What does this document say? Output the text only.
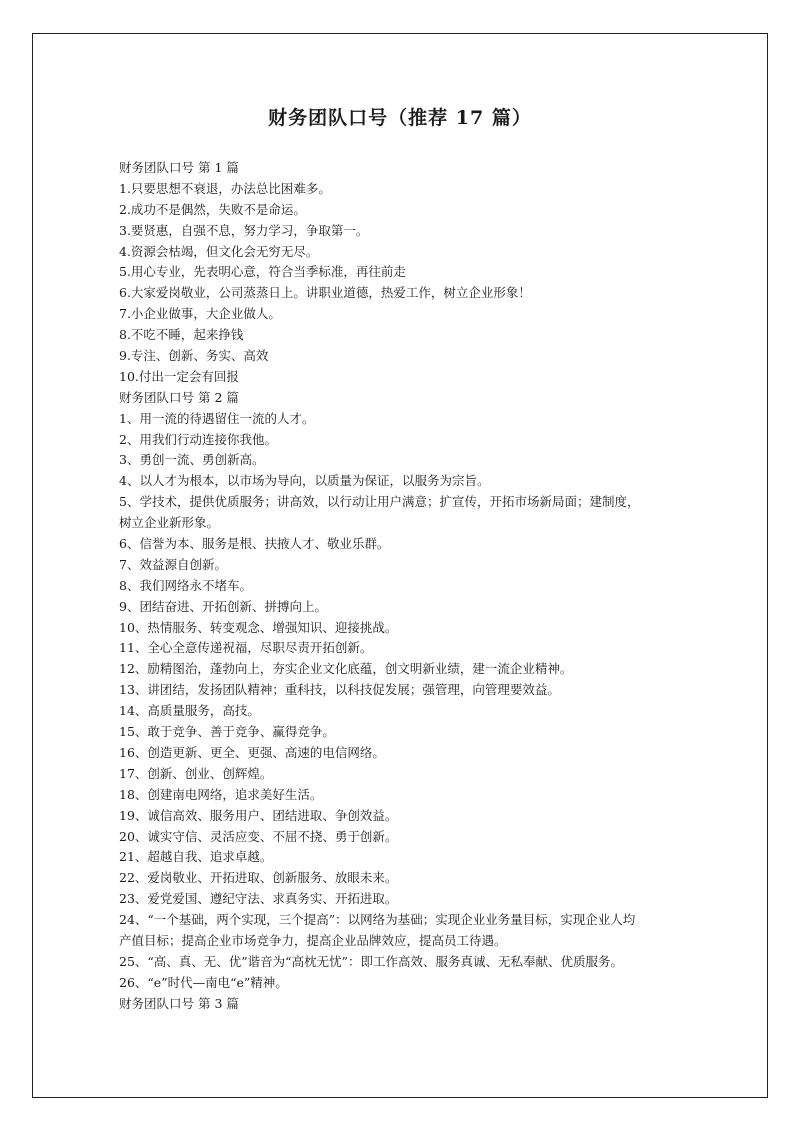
财务团队口号（推荐 17 篇）
财务团队口号 第 1 篇
1.只要思想不衰退，办法总比困难多。
2.成功不是偶然，失败不是命运。
3.要贤惠，自强不息，努力学习，争取第一。
4.资源会枯竭，但文化会无穷无尽。
5.用心专业，先表明心意，符合当季标准，再往前走
6.大家爱岗敬业，公司蒸蒸日上。讲职业道德，热爱工作，树立企业形象！
7.小企业做事，大企业做人。
8.不吃不睡，起来挣钱
9.专注、创新、务实、高效
10.付出一定会有回报
财务团队口号 第 2 篇
1、用一流的待遇留住一流的人才。
2、用我们行动连接你我他。
3、勇创一流、勇创新高。
4、以人才为根本，以市场为导向，以质量为保证，以服务为宗旨。
5、学技术，提供优质服务；讲高效，以行动让用户满意；扩宣传，开拓市场新局面；建制度，
树立企业新形象。
6、信誉为本、服务是根、扶掖人才、敬业乐群。
7、效益源自创新。
8、我们网络永不堵车。
9、团结奋进、开拓创新、拼搏向上。
10、热情服务、转变观念、增强知识、迎接挑战。
11、全心全意传递祝福，尽职尽责开拓创新。
12、励精图治，蓬勃向上，夯实企业文化底蕴，创文明新业绩，建一流企业精神。
13、讲团结，发扬团队精神；重科技，以科技促发展；强管理，向管理要效益。
14、高质量服务，高技。
15、敢于竞争、善于竞争、赢得竞争。
16、创造更新、更全、更强、高速的电信网络。
17、创新、创业、创辉煌。
18、创建南电网络，追求美好生活。
19、诚信高效、服务用户、团结进取、争创效益。
20、诚实守信、灵活应变、不屈不挠、勇于创新。
21、超越自我、追求卓越。
22、爱岗敬业、开拓进取、创新服务、放眼未来。
23、爱党爱国、遵纪守法、求真务实、开拓进取。
24、“一个基础，两个实现，三个提高”：以网络为基础；实现企业业务量目标，实现企业人均
产值目标；提高企业市场竞争力，提高企业品牌效应，提高员工待遇。
25、“高、真、无、优”谐音为“高枕无忧”：即工作高效、服务真诚、无私奉献、优质服务。
26、“e”时代—南电“e”精神。
财务团队口号 第 3 篇
